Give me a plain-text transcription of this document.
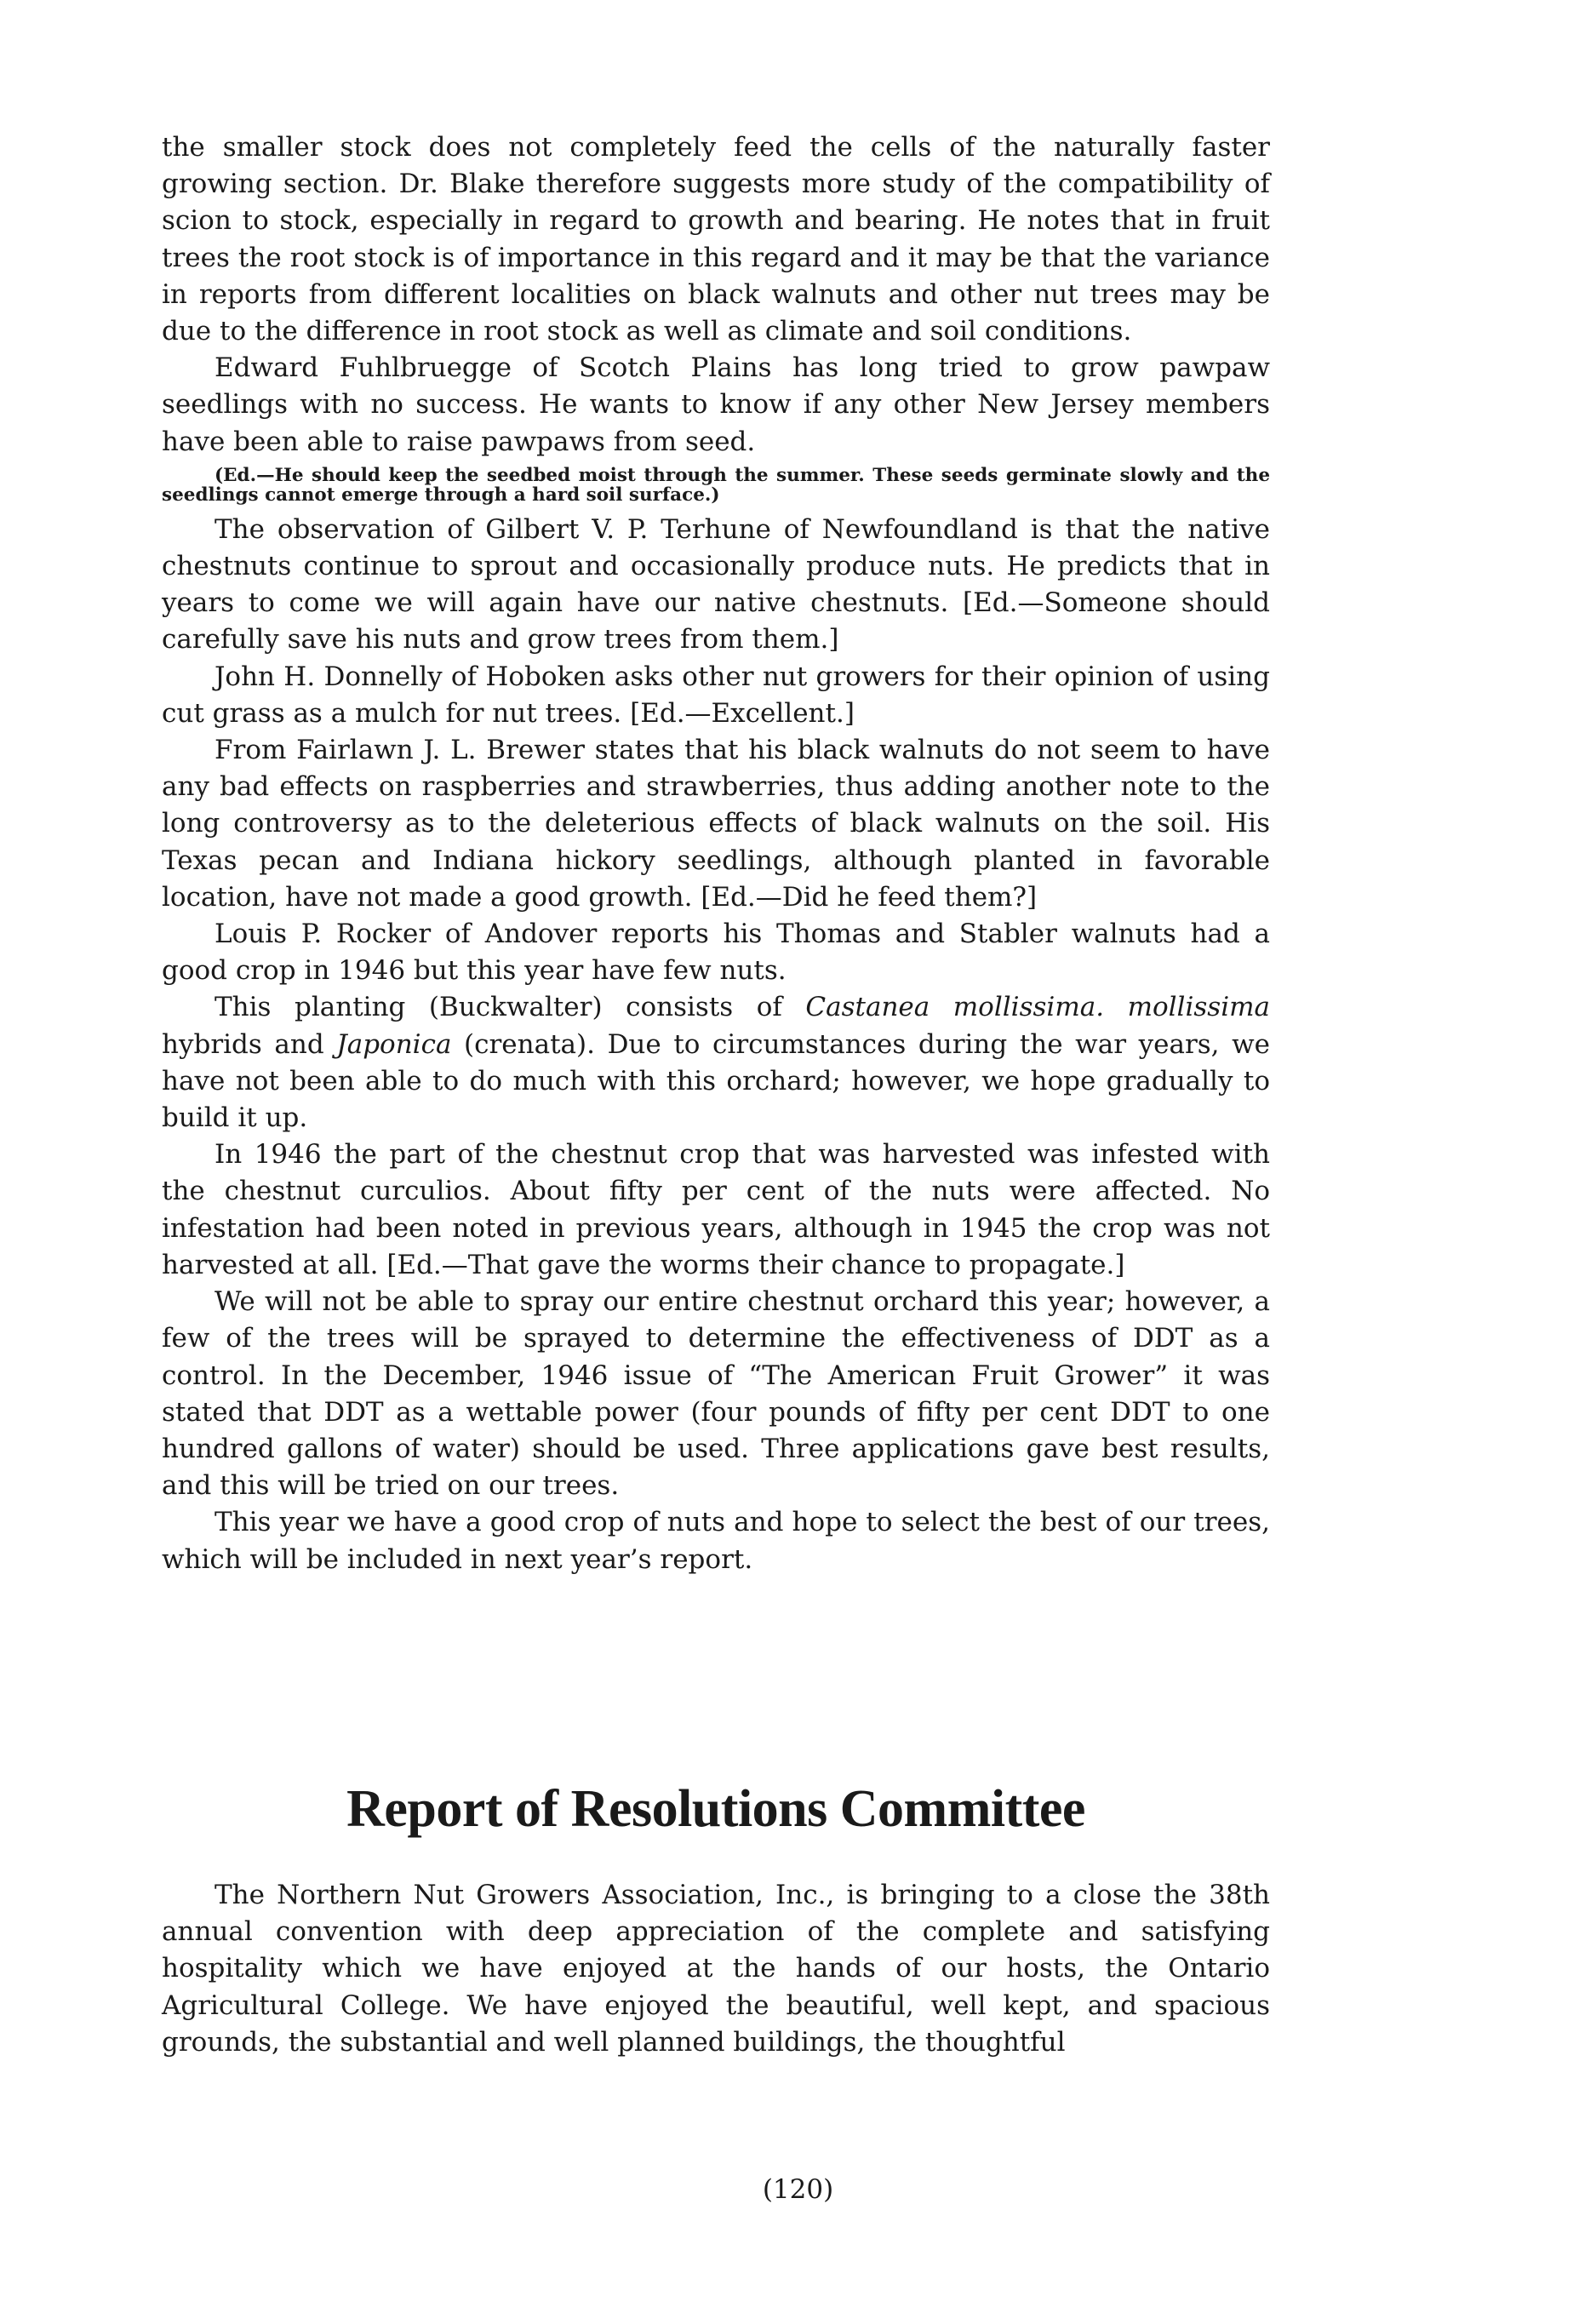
the smaller stock does not completely feed the cells of the naturally faster growing section. Dr. Blake therefore suggests more study of the compatibility of scion to stock, especially in regard to growth and bearing. He notes that in fruit trees the root stock is of importance in this regard and it may be that the variance in reports from different localities on black walnuts and other nut trees may be due to the difference in root stock as well as climate and soil conditions.

Edward Fuhlbruegge of Scotch Plains has long tried to grow pawpaw seedlings with no success. He wants to know if any other New Jersey members have been able to raise pawpaws from seed.

(Ed.—He should keep the seedbed moist through the summer. These seeds germinate slowly and the seedlings cannot emerge through a hard soil surface.)

The observation of Gilbert V. P. Terhune of Newfoundland is that the native chestnuts continue to sprout and occasionally produce nuts. He predicts that in years to come we will again have our native chestnuts. [Ed.—Someone should carefully save his nuts and grow trees from them.]

John H. Donnelly of Hoboken asks other nut growers for their opinion of using cut grass as a mulch for nut trees. [Ed.—Excellent.]

From Fairlawn J. L. Brewer states that his black walnuts do not seem to have any bad effects on raspberries and strawberries, thus adding another note to the long controversy as to the deleterious effects of black walnuts on the soil. His Texas pecan and Indiana hickory seedlings, although planted in favorable location, have not made a good growth. [Ed.—Did he feed them?]

Louis P. Rocker of Andover reports his Thomas and Stabler walnuts had a good crop in 1946 but this year have few nuts.

This planting (Buckwalter) consists of Castanea mollissima. mollissima hybrids and Japonica (crenata). Due to circumstances during the war years, we have not been able to do much with this orchard; however, we hope gradually to build it up.

In 1946 the part of the chestnut crop that was harvested was infested with the chestnut curculios. About fifty per cent of the nuts were affected. No infestation had been noted in previous years, although in 1945 the crop was not harvested at all. [Ed.—That gave the worms their chance to propagate.]

We will not be able to spray our entire chestnut orchard this year; however, a few of the trees will be sprayed to determine the effectiveness of DDT as a control. In the December, 1946 issue of “The American Fruit Grower” it was stated that DDT as a wettable power (four pounds of fifty per cent DDT to one hundred gallons of water) should be used. Three applications gave best results, and this will be tried on our trees.

This year we have a good crop of nuts and hope to select the best of our trees, which will be included in next year’s report.

Report of Resolutions Committee

The Northern Nut Growers Association, Inc., is bringing to a close the 38th annual convention with deep appreciation of the complete and satisfying hospitality which we have enjoyed at the hands of our hosts, the Ontario Agricultural College. We have enjoyed the beautiful, well kept, and spacious grounds, the substantial and well planned buildings, the thoughtful

(120)
